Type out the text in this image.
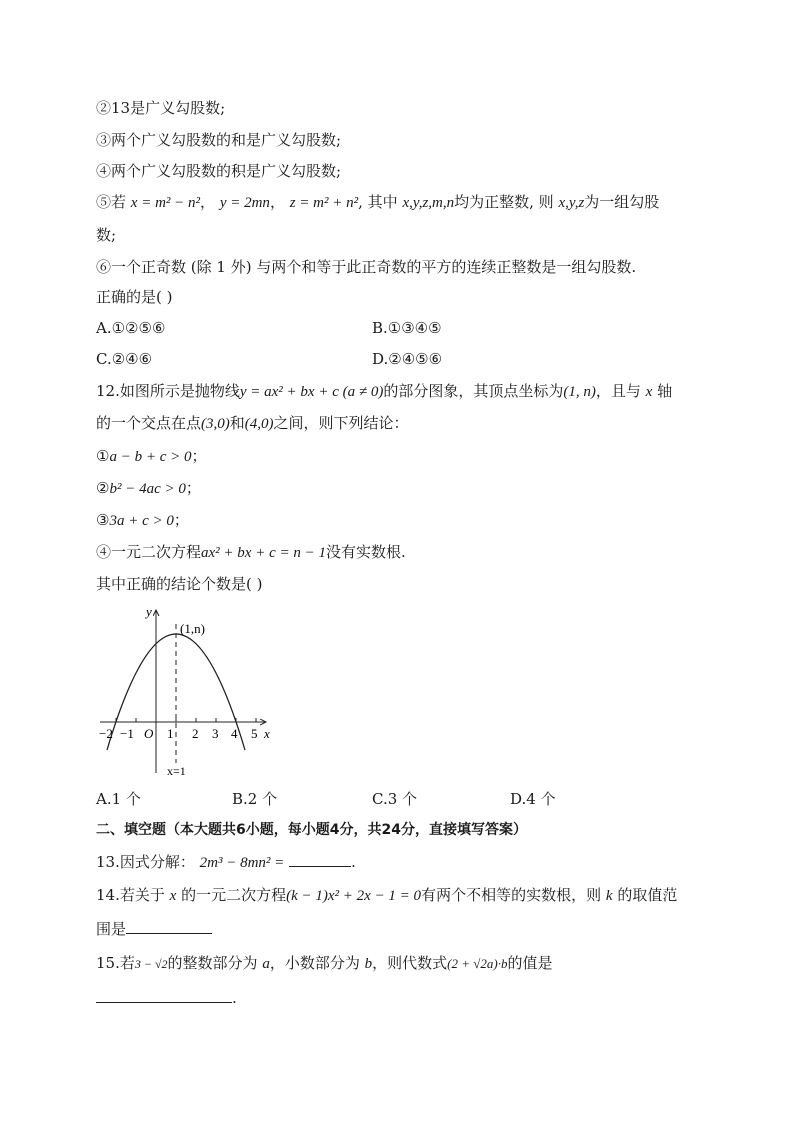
②13是广义勾股数;
③两个广义勾股数的和是广义勾股数;
④两个广义勾股数的积是广义勾股数;
⑤若 x = m² − n²， y = 2mn， z = m² + n², 其中 x,y,z,m,n均为正整数, 则 x,y,z为一组勾股
数;
⑥一个正奇数 (除 1 外) 与两个和等于此正奇数的平方的连续正整数是一组勾股数.
正确的是( )
A.①②⑤⑥	B.①③④⑤
C.②④⑥	D.②④⑤⑥
12.如图所示是抛物线y = ax² + bx + c (a ≠ 0)的部分图象，其顶点坐标为(1, n)，且与 x 轴
的一个交点在点(3,0)和(4,0)之间，则下列结论：
①a − b + c > 0；
②b² − 4ac > 0；
③3a + c > 0；
④一元二次方程ax² + bx + c = n − 1没有实数根.
其中正确的结论个数是( )
y
x
(1,n)
O
−2 −1	1 2 3 4 5
x=1
A.1 个	B.2 个	C.3 个	D.4 个
二、填空题（本大题共6小题，每小题4分，共24分，直接填写答案）
13.因式分解： 2m³ − 8mn² =	.
14.若关于 x 的一元二次方程(k − 1)x² + 2x − 1 = 0有两个不相等的实数根，则 k 的取值范
围是
15.若3 − √2的整数部分为 a，小数部分为 b，则代数式(2 + √2a)·b的值是
.
